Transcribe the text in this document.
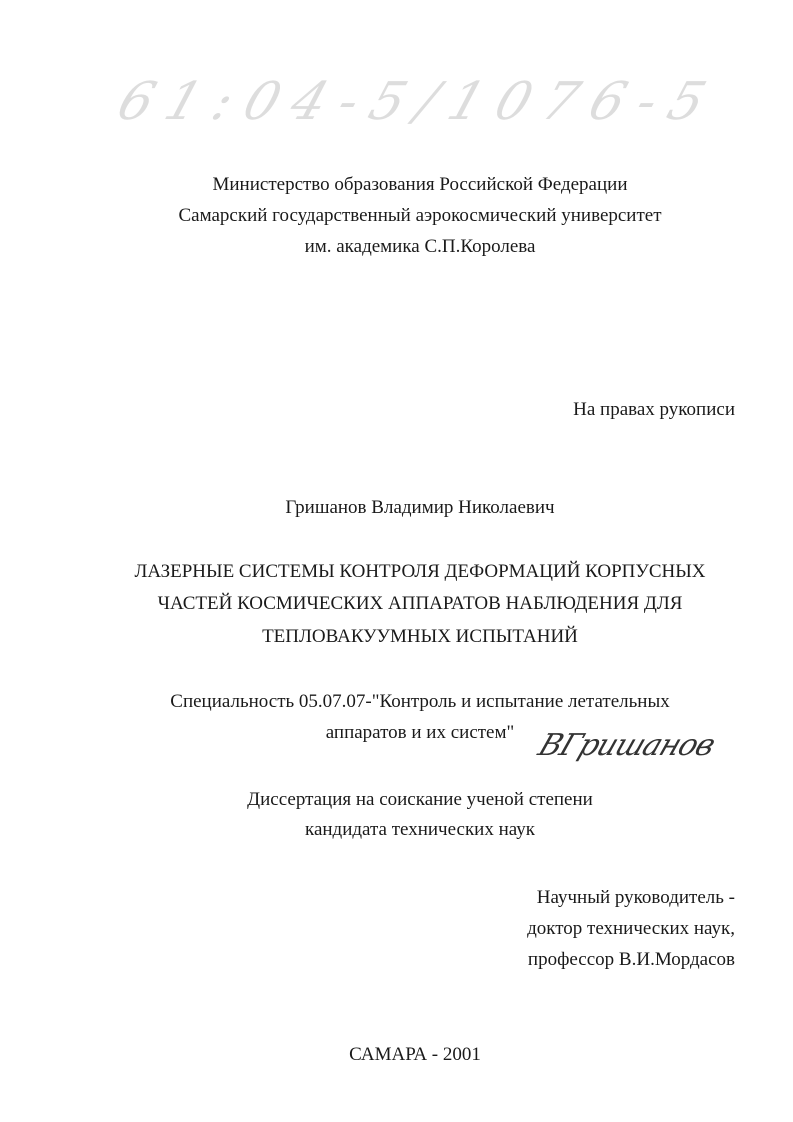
61:04-5/1076-5
Министерство образования Российской Федерации
Самарский государственный аэрокосмический университет
им. академика С.П.Королева
На правах рукописи
Гришанов Владимир Николаевич
ЛАЗЕРНЫЕ СИСТЕМЫ КОНТРОЛЯ ДЕФОРМАЦИЙ КОРПУСНЫХ
ЧАСТЕЙ КОСМИЧЕСКИХ АППАРАТОВ НАБЛЮДЕНИЯ ДЛЯ
ТЕПЛОВАКУУМНЫХ ИСПЫТАНИЙ
Специальность 05.07.07-"Контроль и испытание летательных
аппаратов и их систем" ВГришанов
Диссертация на соискание ученой степени
кандидата технических наук
Научный руководитель -
доктор технических наук,
профессор В.И.Мордасов
САМАРА - 2001
